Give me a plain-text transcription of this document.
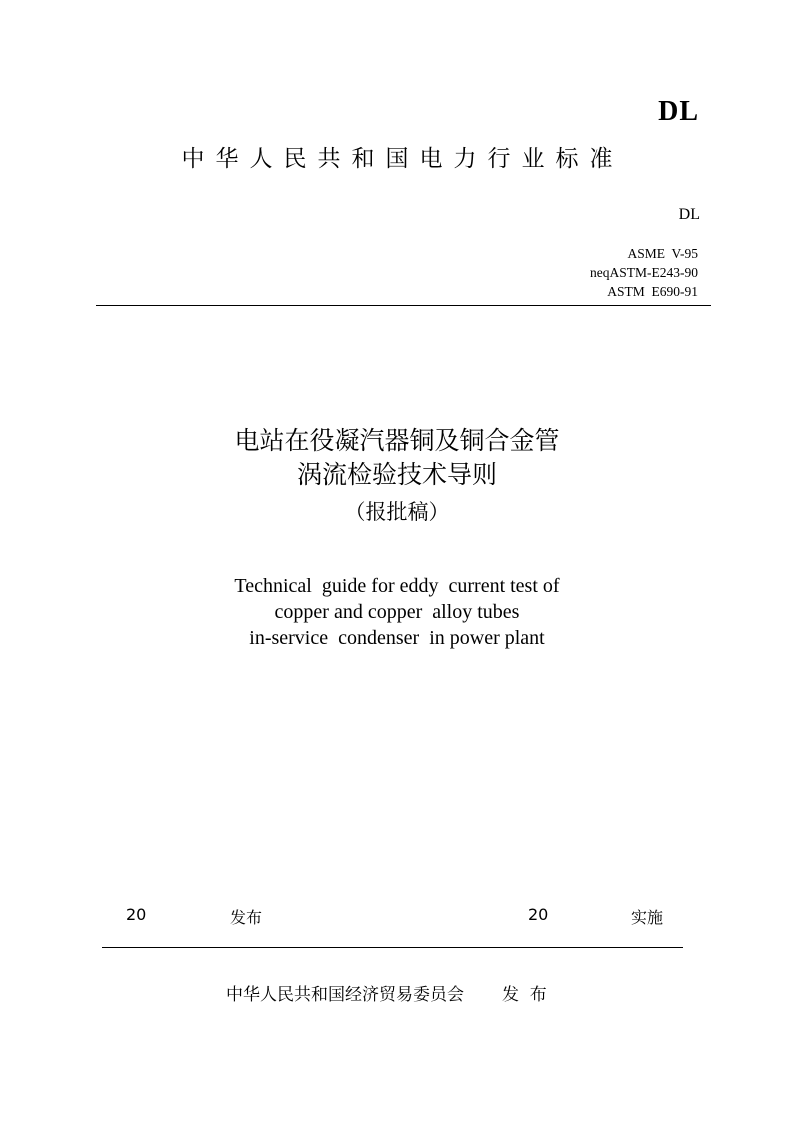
DL
中华人民共和国电力行业标准
DL
ASME  V-95
neqASTM-E243-90
ASTM  E690-91
电站在役凝汽器铜及铜合金管
涡流检验技术导则
（报批稿）
Technical  guide for eddy  current test of
copper and copper  alloy tubes
in-service  condenser  in power plant
20	发布	20	实施
中华人民共和国经济贸易委员会 发  布
